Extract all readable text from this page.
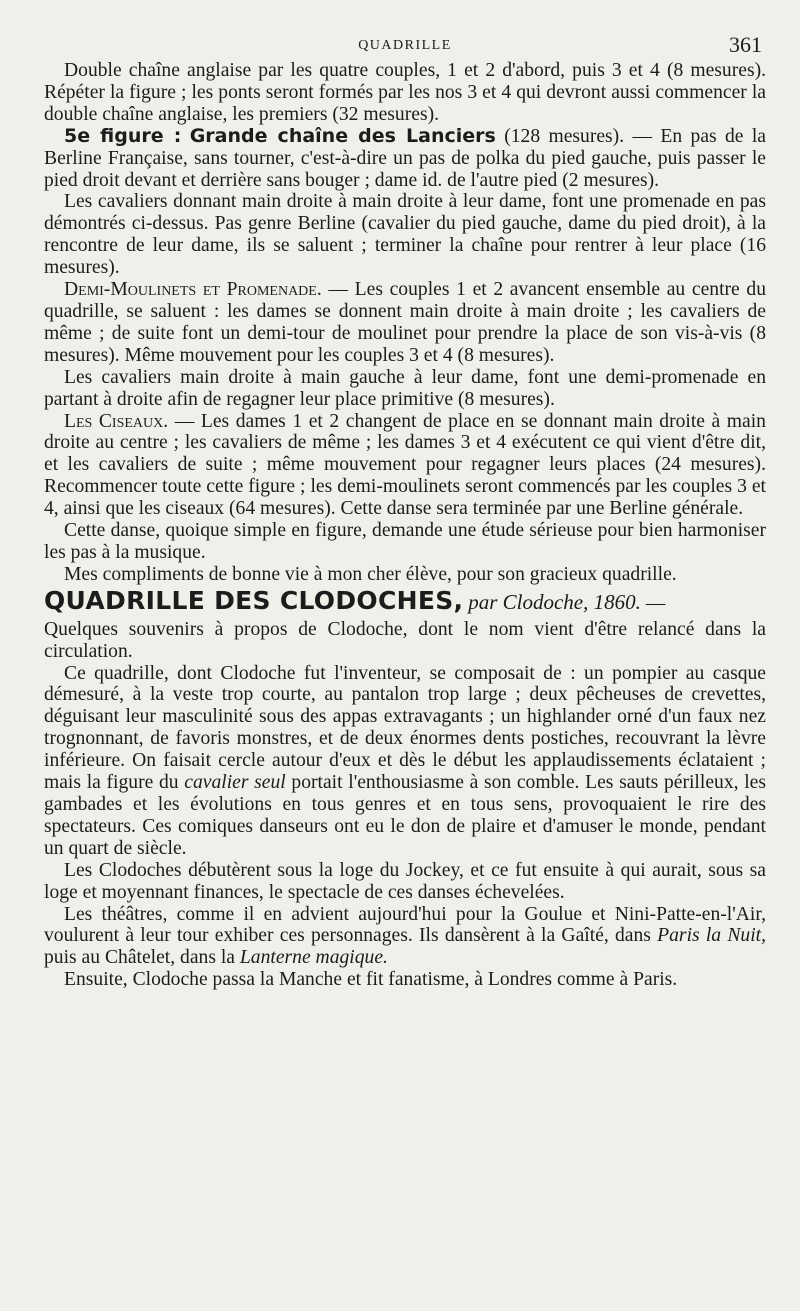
QUADRILLE	361

Double chaîne anglaise par les quatre couples, 1 et 2 d'abord, puis 3 et 4 (8 mesures). Répéter la figure ; les ponts seront formés par les nos 3 et 4 qui devront aussi commencer la double chaîne anglaise, les premiers (32 mesures).

5e figure : Grande chaîne des Lanciers (128 mesures). — En pas de la Berline Française, sans tourner, c'est-à-dire un pas de polka du pied gauche, puis passer le pied droit devant et derrière sans bouger ; dame id. de l'autre pied (2 mesures).

Les cavaliers donnant main droite à main droite à leur dame, font une promenade en pas démontrés ci-dessus. Pas genre Berline (cavalier du pied gauche, dame du pied droit), à la rencontre de leur dame, ils se saluent ; terminer la chaîne pour rentrer à leur place (16 mesures).

Demi-Moulinets et Promenade. — Les couples 1 et 2 avancent ensemble au centre du quadrille, se saluent : les dames se donnent main droite à main droite ; les cavaliers de même ; de suite font un demi-tour de moulinet pour prendre la place de son vis-à-vis (8 mesures). Même mouvement pour les couples 3 et 4 (8 mesures).

Les cavaliers main droite à main gauche à leur dame, font une demi-promenade en partant à droite afin de regagner leur place primitive (8 mesures).

Les Ciseaux. — Les dames 1 et 2 changent de place en se donnant main droite à main droite au centre ; les cavaliers de même ; les dames 3 et 4 exécutent ce qui vient d'être dit, et les cavaliers de suite ; même mouvement pour regagner leurs places (24 mesures). Recommencer toute cette figure ; les demi-moulinets seront commencés par les couples 3 et 4, ainsi que les ciseaux (64 mesures). Cette danse sera terminée par une Berline générale.

Cette danse, quoique simple en figure, demande une étude sérieuse pour bien harmoniser les pas à la musique.

Mes compliments de bonne vie à mon cher élève, pour son gracieux quadrille.

QUADRILLE DES CLODOCHES, par Clodoche, 1860. —

Quelques souvenirs à propos de Clodoche, dont le nom vient d'être relancé dans la circulation.

Ce quadrille, dont Clodoche fut l'inventeur, se composait de : un pompier au casque démesuré, à la veste trop courte, au pantalon trop large ; deux pêcheuses de crevettes, déguisant leur masculinité sous des appas extravagants ; un highlander orné d'un faux nez trognonnant, de favoris monstres, et de deux énormes dents postiches, recouvrant la lèvre inférieure. On faisait cercle autour d'eux et dès le début les applaudissements éclataient ; mais la figure du cavalier seul portait l'enthousiasme à son comble. Les sauts périlleux, les gambades et les évolutions en tous genres et en tous sens, provoquaient le rire des spectateurs. Ces comiques danseurs ont eu le don de plaire et d'amuser le monde, pendant un quart de siècle.

Les Clodoches débutèrent sous la loge du Jockey, et ce fut ensuite à qui aurait, sous sa loge et moyennant finances, le spectacle de ces danses échevelées.

Les théâtres, comme il en advient aujourd'hui pour la Goulue et Nini-Patte-en-l'Air, voulurent à leur tour exhiber ces personnages. Ils dansèrent à la Gaîté, dans Paris la Nuit, puis au Châtelet, dans la Lanterne magique.

Ensuite, Clodoche passa la Manche et fit fanatisme, à Londres comme à Paris.
